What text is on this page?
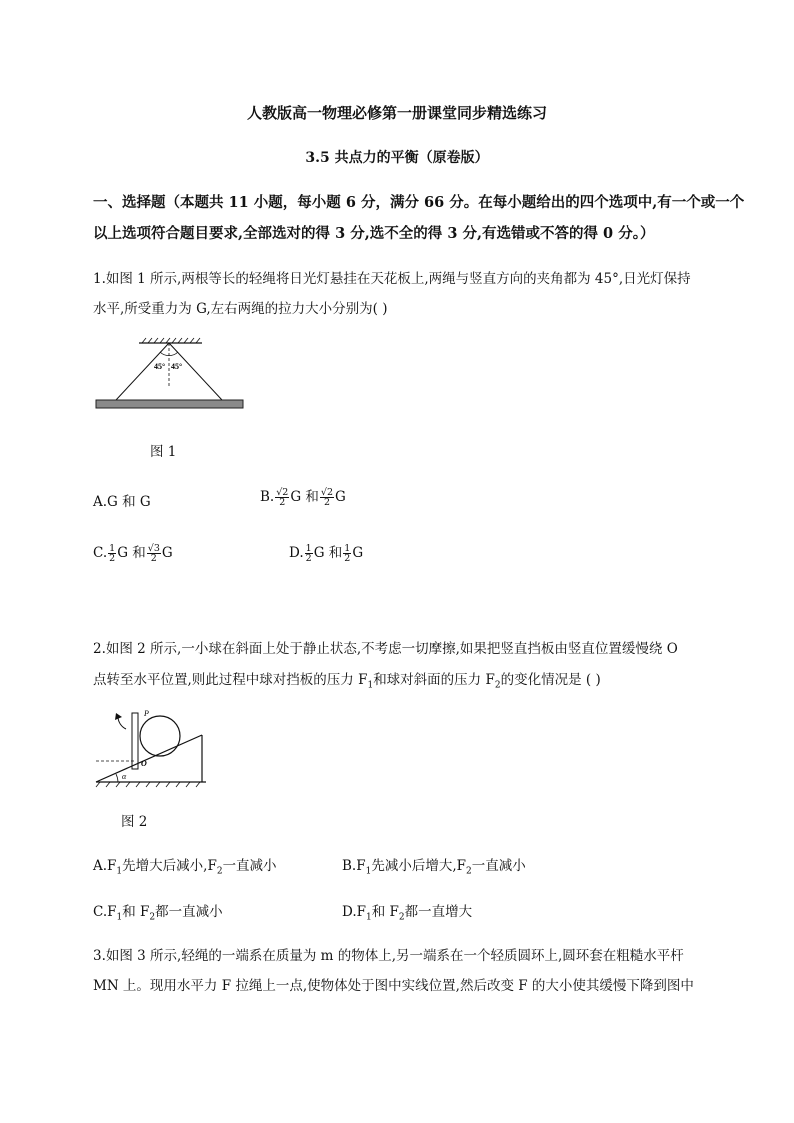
人教版高一物理必修第一册课堂同步精选练习
3.5 共点力的平衡（原卷版）
一、选择题（本题共 11 小题，每小题 6 分，满分 66 分。在每小题给出的四个选项中,有一个或一个
以上选项符合题目要求,全部选对的得 3 分,选不全的得 3 分,有选错或不答的得 0 分。）
1.如图 1 所示,两根等长的轻绳将日光灯悬挂在天花板上,两绳与竖直方向的夹角都为 45°,日光灯保持
水平,所受重力为 G,左右两绳的拉力大小分别为( )
45° 45°
图 1
A.G 和 G	B. $\frac{√2}{2}$ G 和 $\frac{√2}{2}$ G
C. $\frac{1}{2}$ G 和 $\frac{√3}{2}$ G	D. $\frac{1}{2}$ G 和 $\frac{1}{2}$ G
2.如图 2 所示,一小球在斜面上处于静止状态,不考虑一切摩擦,如果把竖直挡板由竖直位置缓慢绕 O
点转至水平位置,则此过程中球对挡板的压力 $F_1$和球对斜面的压力 $F_2$的变化情况是 ( )
P
O
α
图 2
$A.F_1$先增大后减小$,F_2$一直减小	$B.F_1$先减小后增大$,F_2$一直减小
$C.F_1$和 $F_2$都一直减小	$D.F_1$和 $F_2$都一直增大
3.如图 3 所示,轻绳的一端系在质量为 m 的物体上,另一端系在一个轻质圆环上,圆环套在粗糙水平杆
MN 上。现用水平力 F 拉绳上一点,使物体处于图中实线位置,然后改变 F 的大小使其缓慢下降到图中
